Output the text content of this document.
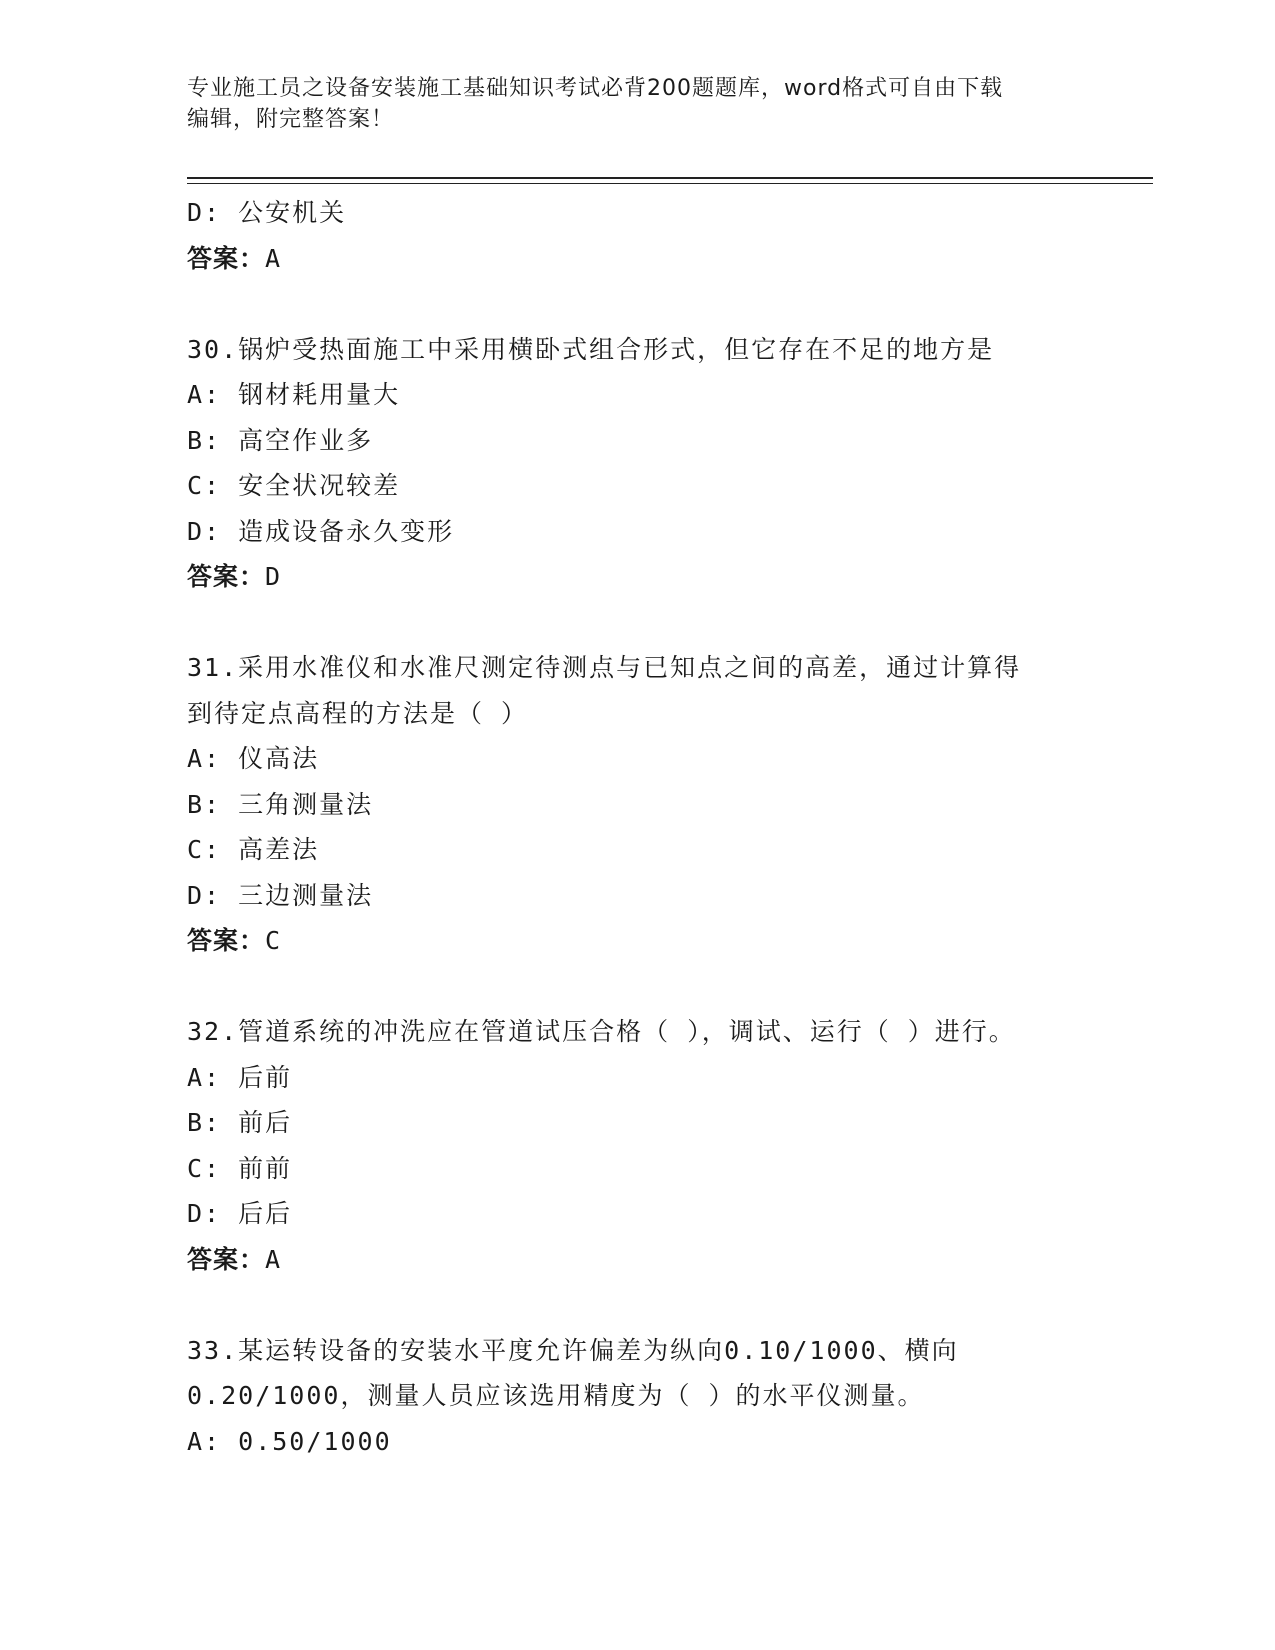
专业施工员之设备安装施工基础知识考试必背200题题库，word格式可自由下载
编辑，附完整答案！
D: 公安机关
答案：A
30.锅炉受热面施工中采用横卧式组合形式，但它存在不足的地方是
A: 钢材耗用量大
B: 高空作业多
C: 安全状况较差
D: 造成设备永久变形
答案：D
31.采用水准仪和水准尺测定待测点与已知点之间的高差，通过计算得
到待定点高程的方法是（ ）
A: 仪高法
B: 三角测量法
C: 高差法
D: 三边测量法
答案：C
32.管道系统的冲洗应在管道试压合格（ ），调试、运行（ ）进行。
A: 后前
B: 前后
C: 前前
D: 后后
答案：A
33.某运转设备的安装水平度允许偏差为纵向0.10/1000、横向
0.20/1000，测量人员应该选用精度为（ ）的水平仪测量。
A: 0.50/1000
